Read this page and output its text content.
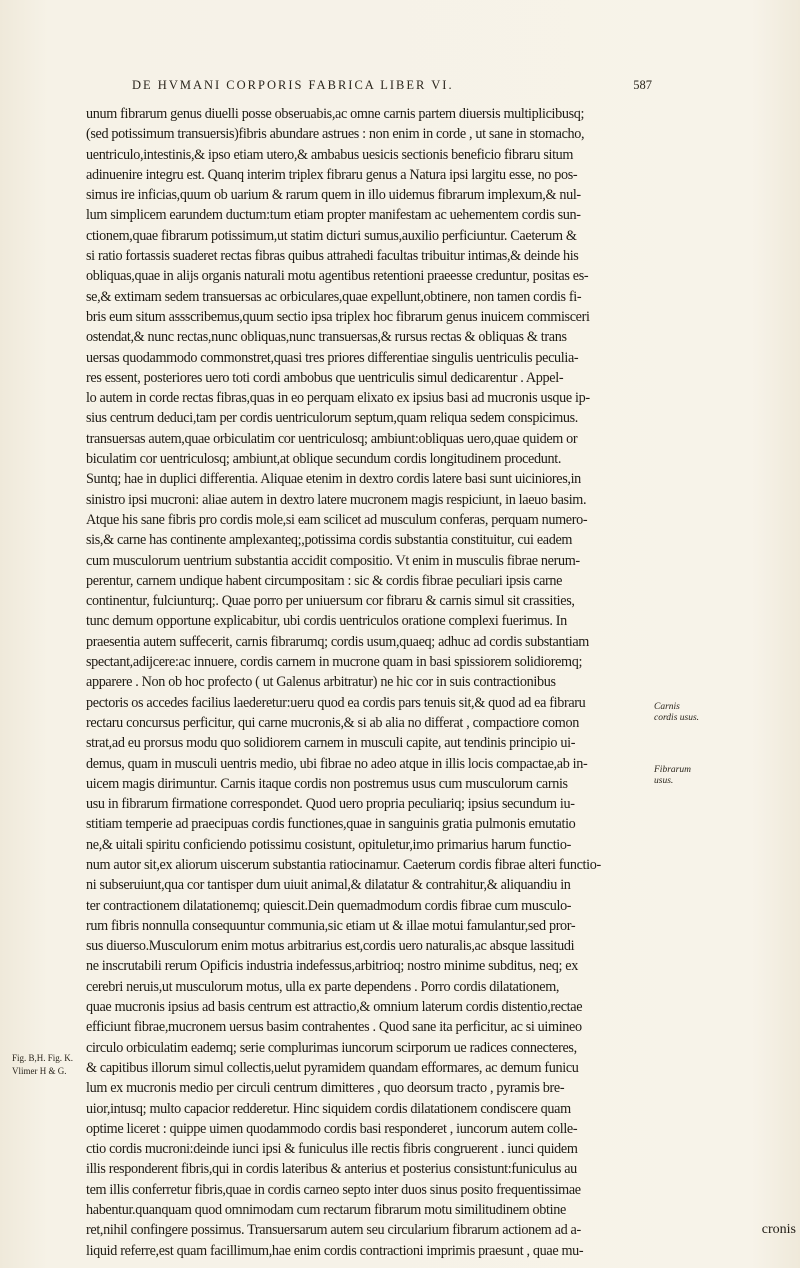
DE HVMANI CORPORIS FABRICA LIBER VI.	587
unum fibrarum genus diuelli posse obseruabis,ac omne carnis partem diuersis multiplicibusq;
(sed potissimum transuersis)fibris abundare astrues : non enim in corde , ut sane in stomacho,
uentriculo,intestinis,& ipso etiam utero,& ambabus uesicis sectionis beneficio fibraru situm
adinuenire integru est. Quanq interim triplex fibraru genus a Natura ipsi largitu esse, no pos-
simus ire inficias,quum ob uarium & rarum quem in illo uidemus fibrarum implexum,& nul-
lum simplicem earundem ductum:tum etiam propter manifestam ac uehementem cordis sun-
ctionem,quae fibrarum potissimum,ut statim dicturi sumus,auxilio perficiuntur. Caeterum &
si ratio fortassis suaderet rectas fibras quibus attrahedi facultas tribuitur intimas,& deinde his
obliquas,quae in alijs organis naturali motu agentibus retentioni praeesse creduntur, positas es-
se,& extimam sedem transuersas ac orbiculares,quae expellunt,obtinere, non tamen cordis fi-
bris eum situm assscribemus,quum sectio ipsa triplex hoc fibrarum genus inuicem commisceri
ostendat,& nunc rectas,nunc obliquas,nunc transuersas,& rursus rectas & obliquas & trans
uersas quodammodo commonstret,quasi tres priores differentiae singulis uentriculis peculia-
res essent, posteriores uero toti cordi ambobus que uentriculis simul dedicarentur . Appel-
lo autem in corde rectas fibras,quas in eo perquam elixato ex ipsius basi ad mucronis usque ip-
sius centrum deduci,tam per cordis uentriculorum septum,quam reliqua sedem conspicimus.
transuersas autem,quae orbiculatim cor uentriculosq; ambiunt:obliquas uero,quae quidem or
biculatim cor uentriculosq; ambiunt,at oblique secundum cordis longitudinem procedunt.
Suntq; hae in duplici differentia. Aliquae etenim in dextro cordis latere basi sunt uiciniores,in
sinistro ipsi mucroni: aliae autem in dextro latere mucronem magis respiciunt, in laeuo basim.
Atque his sane fibris pro cordis mole,si eam scilicet ad musculum conferas, perquam numero-
sis,& carne has continente amplexanteq;,potissima cordis substantia constituitur, cui eadem
cum musculorum uentrium substantia accidit compositio. Vt enim in musculis fibrae nerum-
perentur, carnem undique habent circumpositam : sic & cordis fibrae peculiari ipsis carne
continentur, fulciunturq;. Quae porro per uniuersum cor fibraru & carnis simul sit crassities,
tunc demum opportune explicabitur, ubi cordis uentriculos oratione complexi fuerimus. In
praesentia autem suffecerit, carnis fibrarumq; cordis usum,quaeq; adhuc ad cordis substantiam
spectant,adijcere:ac innuere, cordis carnem in mucrone quam in basi spissiorem solidioremq;
apparere . Non ob hoc profecto ( ut Galenus arbitratur) ne hic cor in suis contractionibus
pectoris os accedes facilius laederetur:ueru quod ea cordis pars tenuis sit,& quod ad ea fibraru
rectaru concursus perficitur, qui carne mucronis,& si ab alia no differat , compactiore comon
strat,ad eu prorsus modu quo solidiorem carnem in musculi capite, aut tendinis principio ui-
demus, quam in musculi uentris medio, ubi fibrae no adeo atque in illis locis compactae,ab in-
uicem magis dirimuntur. Carnis itaque cordis non postremus usus cum musculorum carnis
usu in fibrarum firmatione correspondet. Quod uero propria peculiariq; ipsius secundum iu-
stitiam temperie ad praecipuas cordis functiones,quae in sanguinis gratia pulmonis emutatio
ne,& uitali spiritu conficiendo potissimu cosistunt, opituletur,imo primarius harum functio-
num autor sit,ex aliorum uiscerum substantia ratiocinamur. Caeterum cordis fibrae alteri functio-
ni subseruiunt,qua cor tantisper dum uiuit animal,& dilatatur & contrahitur,& aliquandiu in
ter contractionem dilatationemq; quiescit.Dein quemadmodum cordis fibrae cum musculo-
rum fibris nonnulla consequuntur communia,sic etiam ut & illae motui famulantur,sed pror-
sus diuerso.Musculorum enim motus arbitrarius est,cordis uero naturalis,ac absque lassitudi
ne inscrutabili rerum Opificis industria indefessus,arbitrioq; nostro minime subditus, neq; ex
cerebri neruis,ut musculorum motus, ulla ex parte dependens . Porro cordis dilatationem,
quae mucronis ipsius ad basis centrum est attractio,& omnium laterum cordis distentio,rectae
efficiunt fibrae,mucronem uersus basim contrahentes . Quod sane ita perficitur, ac si uimineo
circulo orbiculatim eademq; serie complurimas iuncorum scirporum ue radices connecteres,
& capitibus illorum simul collectis,uelut pyramidem quandam efformares, ac demum funicu
lum ex mucronis medio per circuli centrum dimitteres , quo deorsum tracto , pyramis bre-
uior,intusq; multo capacior redderetur. Hinc siquidem cordis dilatationem condiscere quam
optime liceret : quippe uimen quodammodo cordis basi responderet , iuncorum autem colle-
ctio cordis mucroni:deinde iunci ipsi & funiculus ille rectis fibris congruerent . iunci quidem
illis responderent fibris,qui in cordis lateribus & anterius et posterius consistunt:funiculus au
tem illis conferretur fibris,quae in cordis carneo septo inter duos sinus posito frequentissimae
habentur.quanquam quod omnimodam cum rectarum fibrarum motu similitudinem obtine
ret,nihil confingere possimus. Transuersarum autem seu circularium fibrarum actionem ad a-
liquid referre,est quam facillimum,hae enim cordis contractioni imprimis praesunt , quae mu-
Carnis cordis usus.
Fibrarum usus.
Fig. B,H. Fig. K. Vlimer H & G.
cronis
